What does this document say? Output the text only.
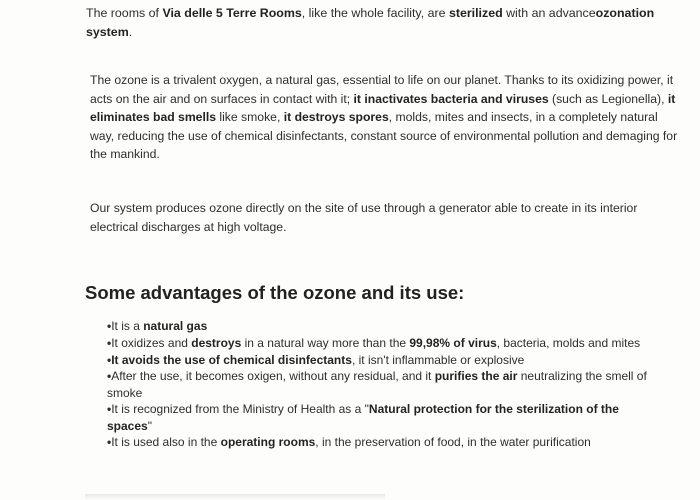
The rooms of Via delle 5 Terre Rooms, like the whole facility, are sterilized with an advanceozonation system.

The ozone is a trivalent oxygen, a natural gas, essential to life on our planet. Thanks to its oxidizing power, it acts on the air and on surfaces in contact with it; it inactivates bacteria and viruses (such as Legionella), it eliminates bad smells like smoke, it destroys spores, molds, mites and insects, in a completely natural way, reducing the use of chemical disinfectants, constant source of environmental pollution and demaging for the mankind.

Our system produces ozone directly on the site of use through a generator able to create in its interior electrical discharges at high voltage.

Some advantages of the ozone and its use:
•It is a natural gas
•It oxidizes and destroys in a natural way more than the 99,98% of virus, bacteria, molds and mites
•It avoids the use of chemical disinfectants, it isn't inflammable or explosive
•After the use, it becomes oxigen, without any residual, and it purifies the air neutralizing the smell of smoke
•It is recognized from the Ministry of Health as a "Natural protection for the sterilization of the spaces"
•It is used also in the operating rooms, in the preservation of food, in the water purification
